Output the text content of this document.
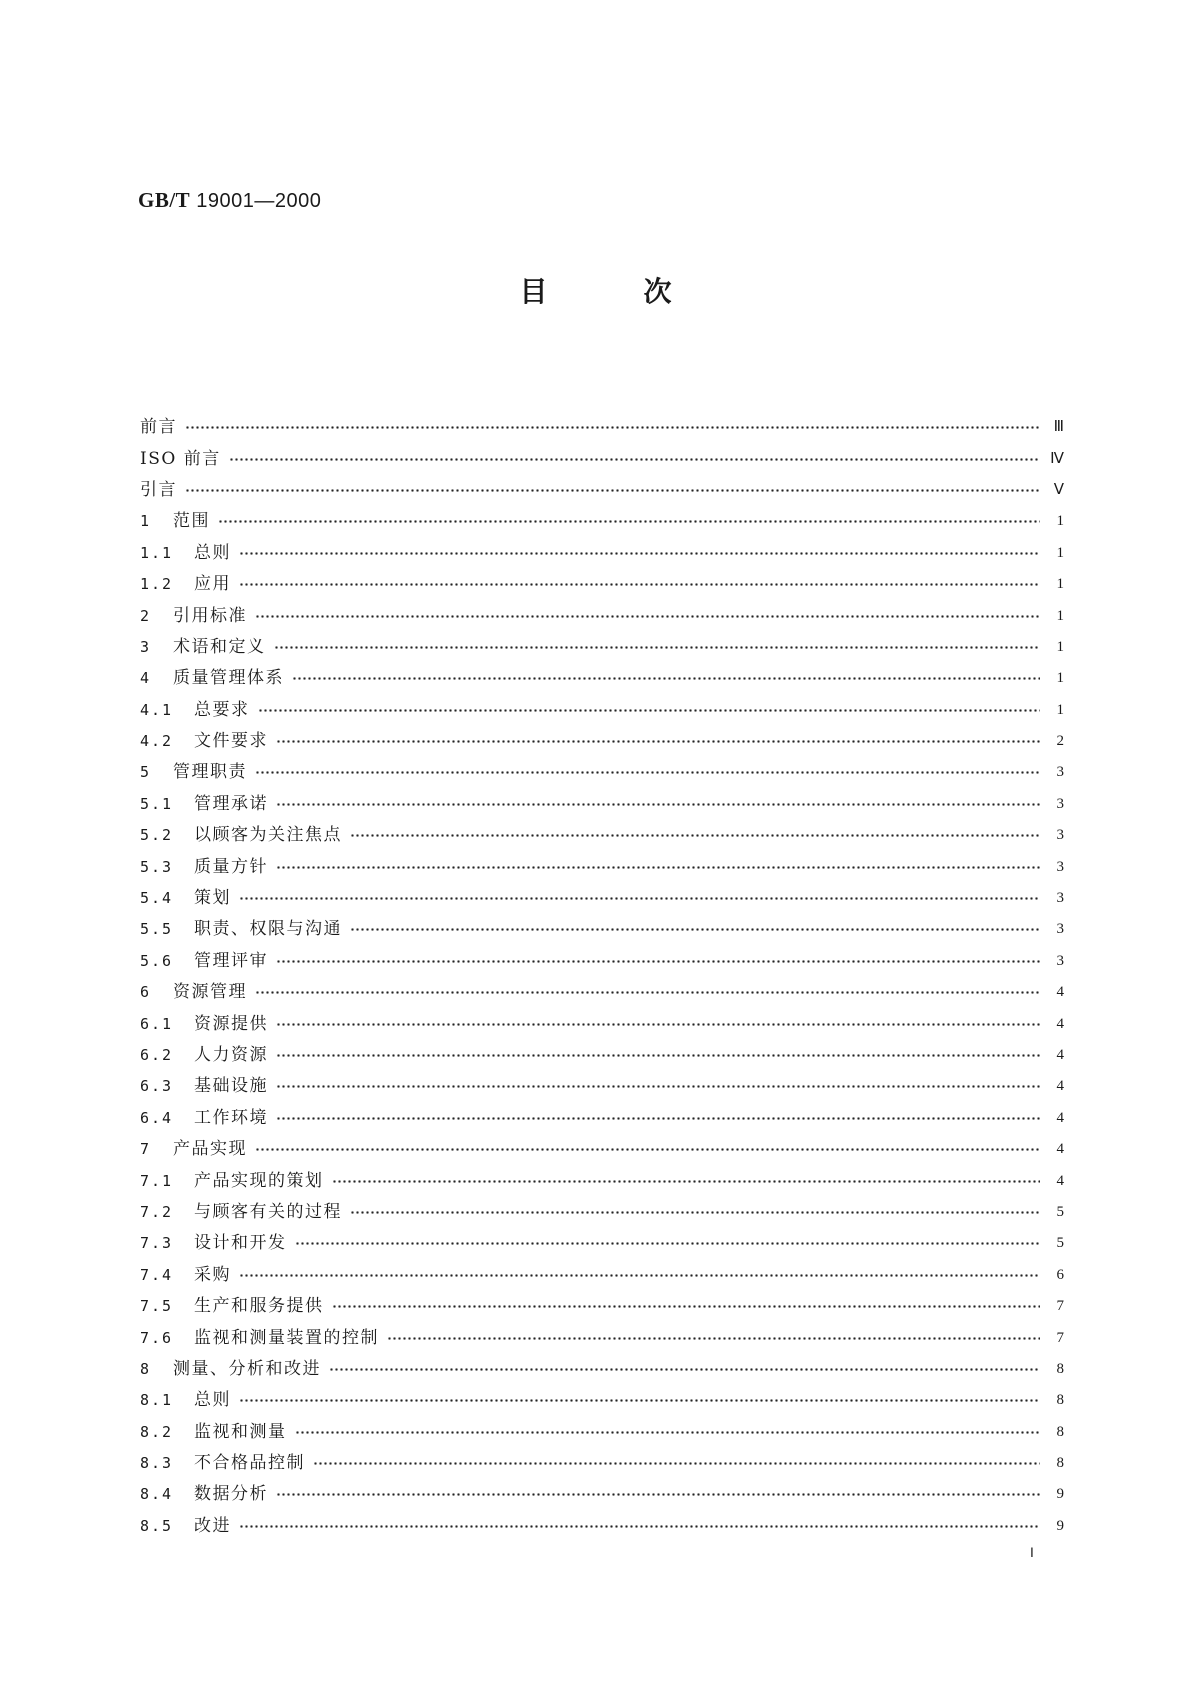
GB/T 19001—2000
目	次
前言	Ⅲ
ISO 前言	Ⅳ
引言	Ⅴ
1	范围	1
1.1	总则	1
1.2	应用	1
2	引用标准	1
3	术语和定义	1
4	质量管理体系	1
4.1	总要求	1
4.2	文件要求	2
5	管理职责	3
5.1	管理承诺	3
5.2	以顾客为关注焦点	3
5.3	质量方针	3
5.4	策划	3
5.5	职责、权限与沟通	3
5.6	管理评审	3
6	资源管理	4
6.1	资源提供	4
6.2	人力资源	4
6.3	基础设施	4
6.4	工作环境	4
7	产品实现	4
7.1	产品实现的策划	4
7.2	与顾客有关的过程	5
7.3	设计和开发	5
7.4	采购	6
7.5	生产和服务提供	7
7.6	监视和测量装置的控制	7
8	测量、分析和改进	8
8.1	总则	8
8.2	监视和测量	8
8.3	不合格品控制	8
8.4	数据分析	9
8.5	改进	9
Ⅰ
